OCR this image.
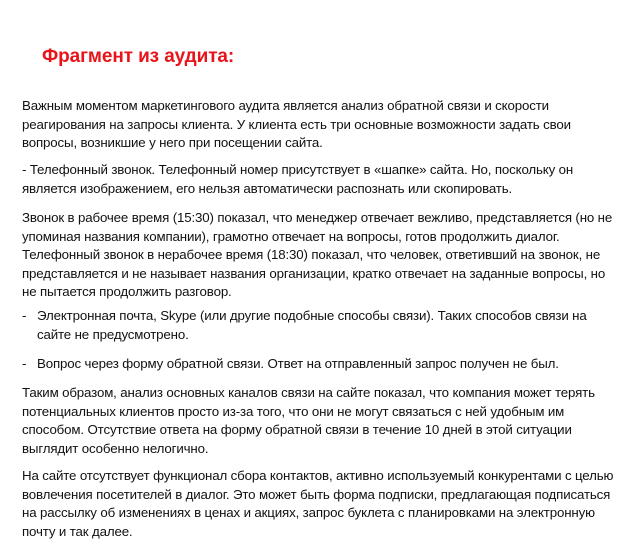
Фрагмент из аудита:

Важным моментом маркетингового аудита является анализ обратной связи и скорости реагирования на запросы клиента. У клиента есть три основные возможности задать свои вопросы, возникшие у него при посещении сайта.

- Телефонный звонок. Телефонный номер присутствует в «шапке» сайта. Но, поскольку он является изображением, его нельзя автоматически распознать или скопировать.

Звонок в рабочее время (15:30) показал, что менеджер отвечает вежливо, представляется (но не упоминая названия компании), грамотно отвечает на вопросы, готов продолжить диалог. Телефонный звонок в нерабочее время (18:30) показал, что человек, ответивший на звонок, не представляется и не называет названия организации, кратко отвечает на заданные вопросы, но не пытается продолжить разговор.

- Электронная почта, Skype (или другие подобные способы связи). Таких способов связи на сайте не предусмотрено.
- Вопрос через форму обратной связи. Ответ на отправленный запрос получен не был.

Таким образом, анализ основных каналов связи на сайте показал, что компания может терять потенциальных клиентов просто из-за того, что они не могут связаться с ней удобным им способом. Отсутствие ответа на форму обратной связи в течение 10 дней в этой ситуации выглядит особенно нелогично.

На сайте отсутствует функционал сбора контактов, активно используемый конкурентами с целью вовлечения посетителей в диалог. Это может быть форма подписки, предлагающая подписаться на рассылку об изменениях в ценах и акциях, запрос буклета с планировками на электронную почту и так далее.
